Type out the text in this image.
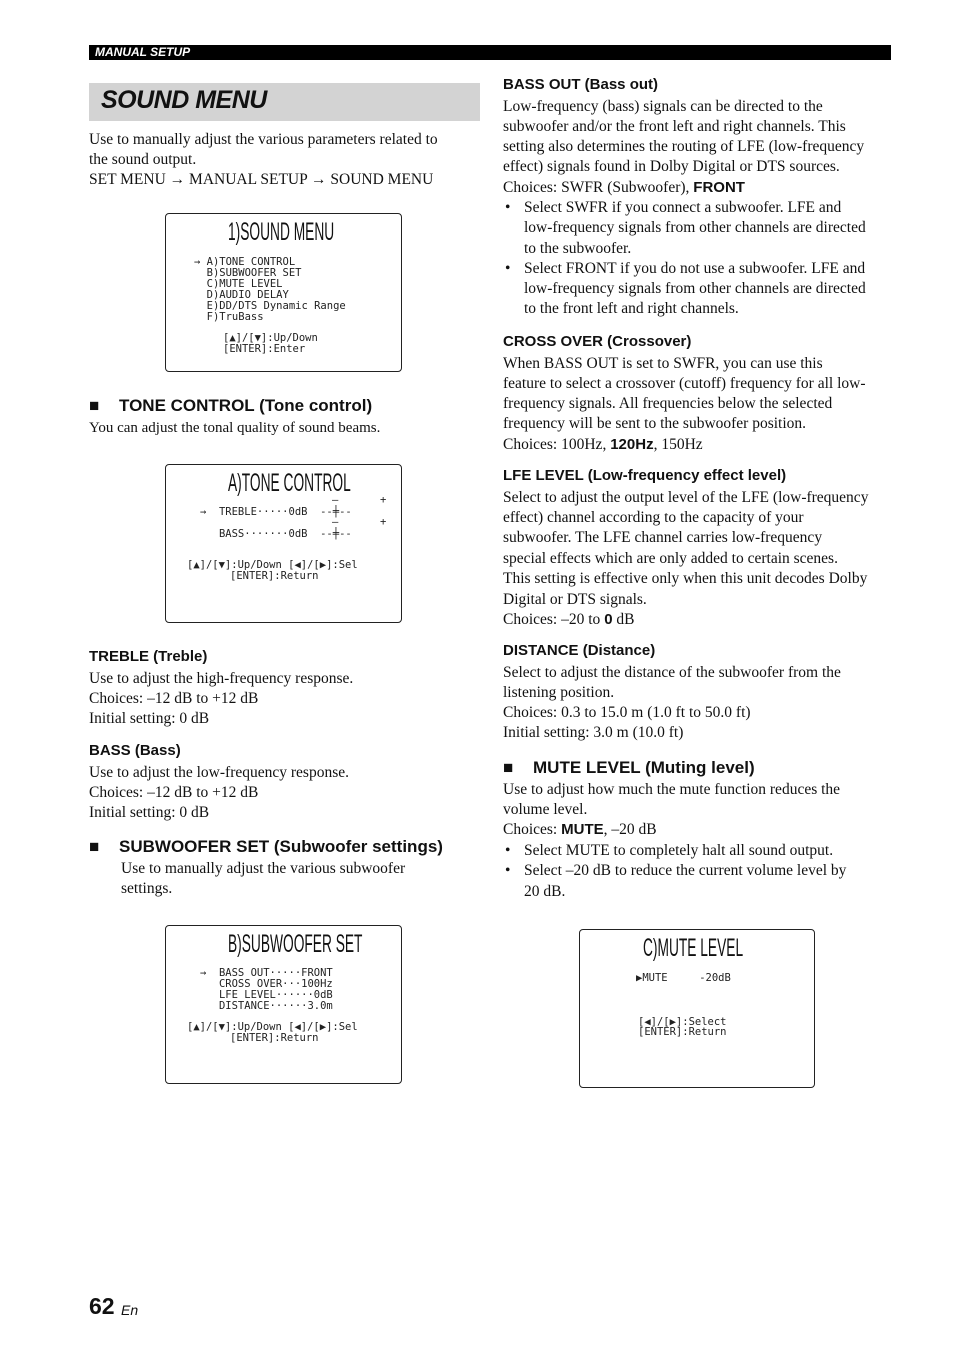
MANUAL SETUP
SOUND MENU
Use to manually adjust the various parameters related to
the sound output.
SET MENU → MANUAL SETUP → SOUND MENU
1)SOUND MENU
→ A)TONE CONTROL
B)SUBWOOFER SET
C)MUTE LEVEL
D)AUDIO DELAY
E)DD/DTS Dynamic Range
F)TruBass
[▲]/[▼]:Up/Down
[ENTER]:Enter
■ TONE CONTROL (Tone control)
You can adjust the tonal quality of sound beams.
A)TONE CONTROL
–	+
→  TREBLE·····0dB  --╪--
–	+
BASS·······0dB  --╪--
[▲]/[▼]:Up/Down [◀]/[▶]:Sel
[ENTER]:Return
TREBLE (Treble)
Use to adjust the high-frequency response.
Choices: –12 dB to +12 dB
Initial setting: 0 dB
BASS (Bass)
Use to adjust the low-frequency response.
Choices: –12 dB to +12 dB
Initial setting: 0 dB
■ SUBWOOFER SET (Subwoofer settings)
Use to manually adjust the various subwoofer
settings.
B)SUBWOOFER SET
→  BASS OUT·····FRONT
CROSS OVER···100Hz
LFE LEVEL······0dB
DISTANCE······3.0m
[▲]/[▼]:Up/Down [◀]/[▶]:Sel
[ENTER]:Return
BASS OUT (Bass out)
Low-frequency (bass) signals can be directed to the
subwoofer and/or the front left and right channels. This
setting also determines the routing of LFE (low-frequency
effect) signals found in Dolby Digital or DTS sources.
Choices: SWFR (Subwoofer), FRONT
• Select SWFR if you connect a subwoofer. LFE and
low-frequency signals from other channels are directed
to the subwoofer.
• Select FRONT if you do not use a subwoofer. LFE and
low-frequency signals from other channels are directed
to the front left and right channels.
CROSS OVER (Crossover)
When BASS OUT is set to SWFR, you can use this
feature to select a crossover (cutoff) frequency for all low-
frequency signals. All frequencies below the selected
frequency will be sent to the subwoofer position.
Choices: 100Hz, 120Hz, 150Hz
LFE LEVEL (Low-frequency effect level)
Select to adjust the output level of the LFE (low-frequency
effect) channel according to the capacity of your
subwoofer. The LFE channel carries low-frequency
special effects which are only added to certain scenes.
This setting is effective only when this unit decodes Dolby
Digital or DTS signals.
Choices: –20 to 0 dB
DISTANCE (Distance)
Select to adjust the distance of the subwoofer from the
listening position.
Choices: 0.3 to 15.0 m (1.0 ft to 50.0 ft)
Initial setting: 3.0 m (10.0 ft)
■ MUTE LEVEL (Muting level)
Use to adjust how much the mute function reduces the
volume level.
Choices: MUTE, –20 dB
• Select MUTE to completely halt all sound output.
• Select –20 dB to reduce the current volume level by
20 dB.
C)MUTE LEVEL
▶MUTE     -20dB
[◀]/[▶]:Select
[ENTER]:Return
62 En
